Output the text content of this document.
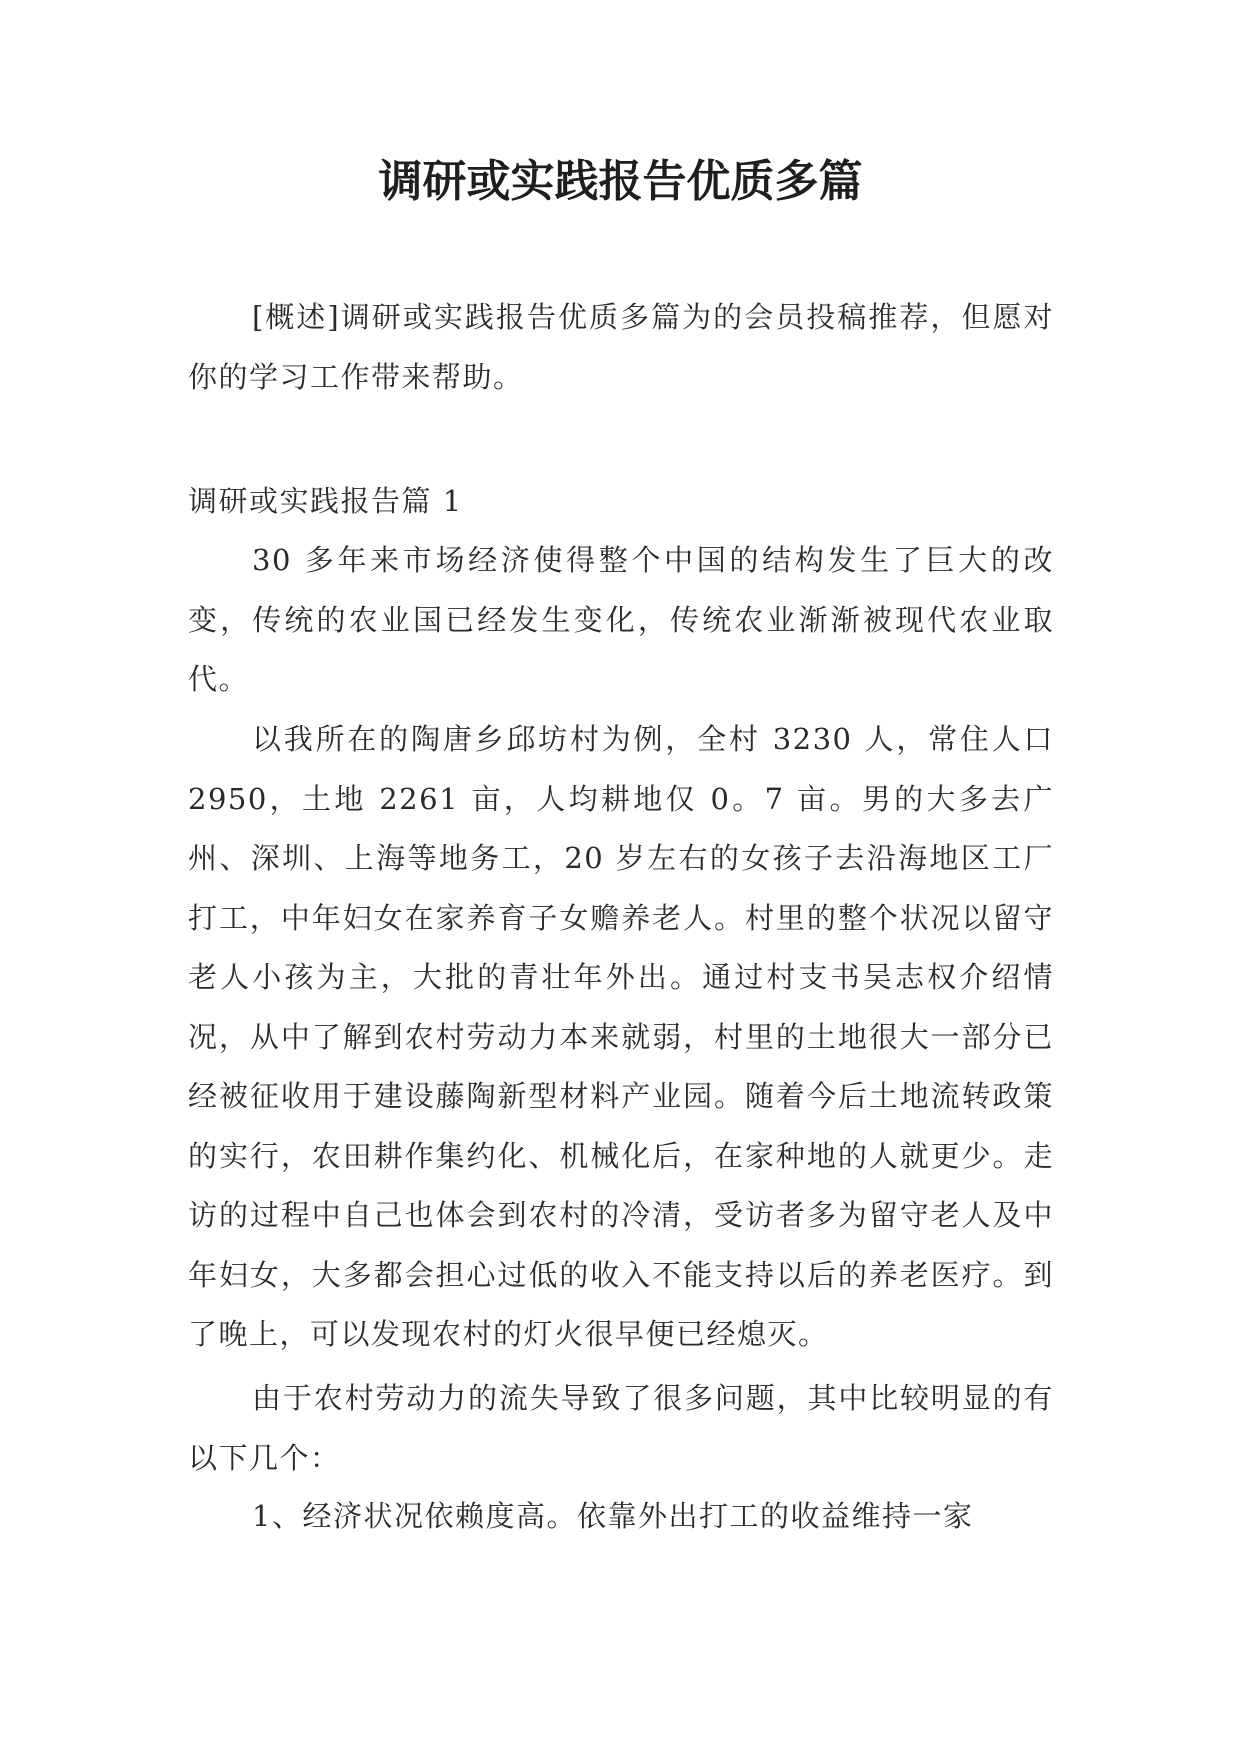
调研或实践报告优质多篇

[概述]调研或实践报告优质多篇为的会员投稿推荐，但愿对你的学习工作带来帮助。

调研或实践报告篇 1

30 多年来市场经济使得整个中国的结构发生了巨大的改变，传统的农业国已经发生变化，传统农业渐渐被现代农业取代。

以我所在的陶唐乡邱坊村为例，全村 3230 人，常住人口 2950，土地 2261 亩，人均耕地仅 0。7 亩。男的大多去广州、深圳、上海等地务工，20 岁左右的女孩子去沿海地区工厂打工，中年妇女在家养育子女赡养老人。村里的整个状况以留守老人小孩为主，大批的青壮年外出。通过村支书吴志权介绍情况，从中了解到农村劳动力本来就弱，村里的土地很大一部分已经被征收用于建设藤陶新型材料产业园。随着今后土地流转政策的实行，农田耕作集约化、机械化后，在家种地的人就更少。走访的过程中自己也体会到农村的冷清，受访者多为留守老人及中年妇女，大多都会担心过低的收入不能支持以后的养老医疗。到了晚上，可以发现农村的灯火很早便已经熄灭。

由于农村劳动力的流失导致了很多问题，其中比较明显的有以下几个：

1、经济状况依赖度高。依靠外出打工的收益维持一家
